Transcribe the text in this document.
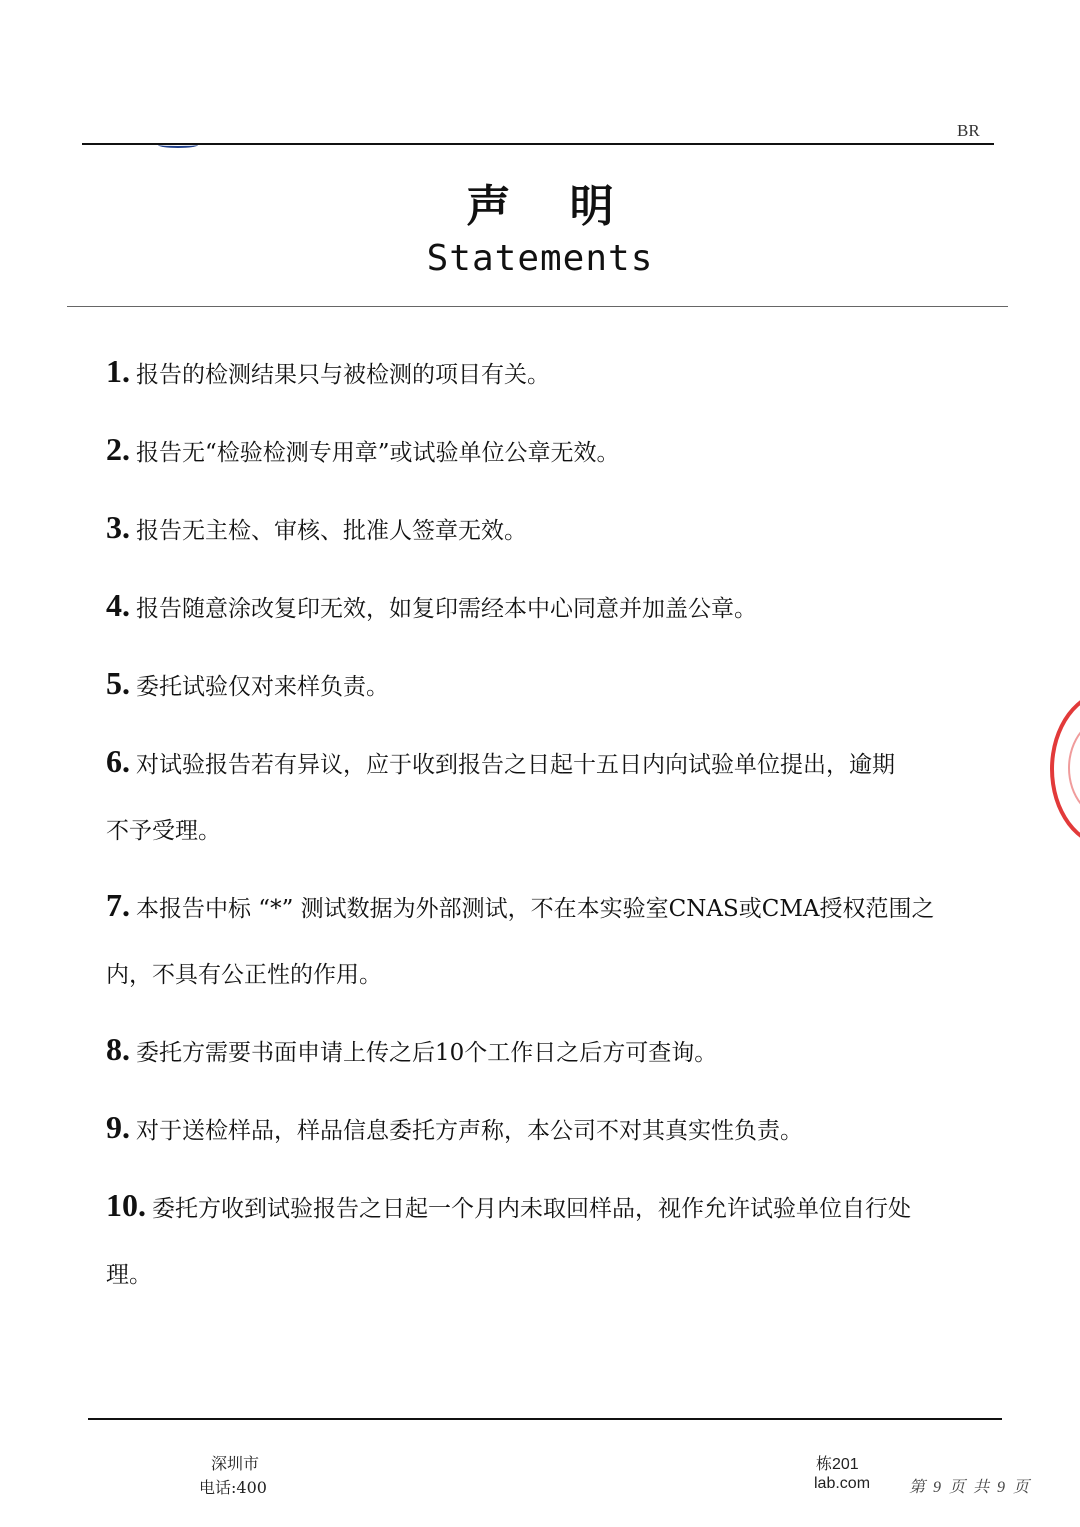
BR
声 明
Statements
1. 报告的检测结果只与被检测的项目有关。
2. 报告无“检验检测专用章”或试验单位公章无效。
3. 报告无主检、审核、批准人签章无效。
4. 报告随意涂改复印无效，如复印需经本中心同意并加盖公章。
5. 委托试验仅对来样负责。
6. 对试验报告若有异议，应于收到报告之日起十五日内向试验单位提出，逾期
不予受理。
7. 本报告中标 “*” 测试数据为外部测试，不在本实验室CNAS或CMA授权范围之
内，不具有公正性的作用。
8. 委托方需要书面申请上传之后10个工作日之后方可查询。
9. 对于送检样品，样品信息委托方声称，本公司不对其真实性负责。
10. 委托方收到试验报告之日起一个月内未取回样品，视作允许试验单位自行处
理。
深圳市
电话:400
栋201
lab.com 第 9 页 共 9 页
